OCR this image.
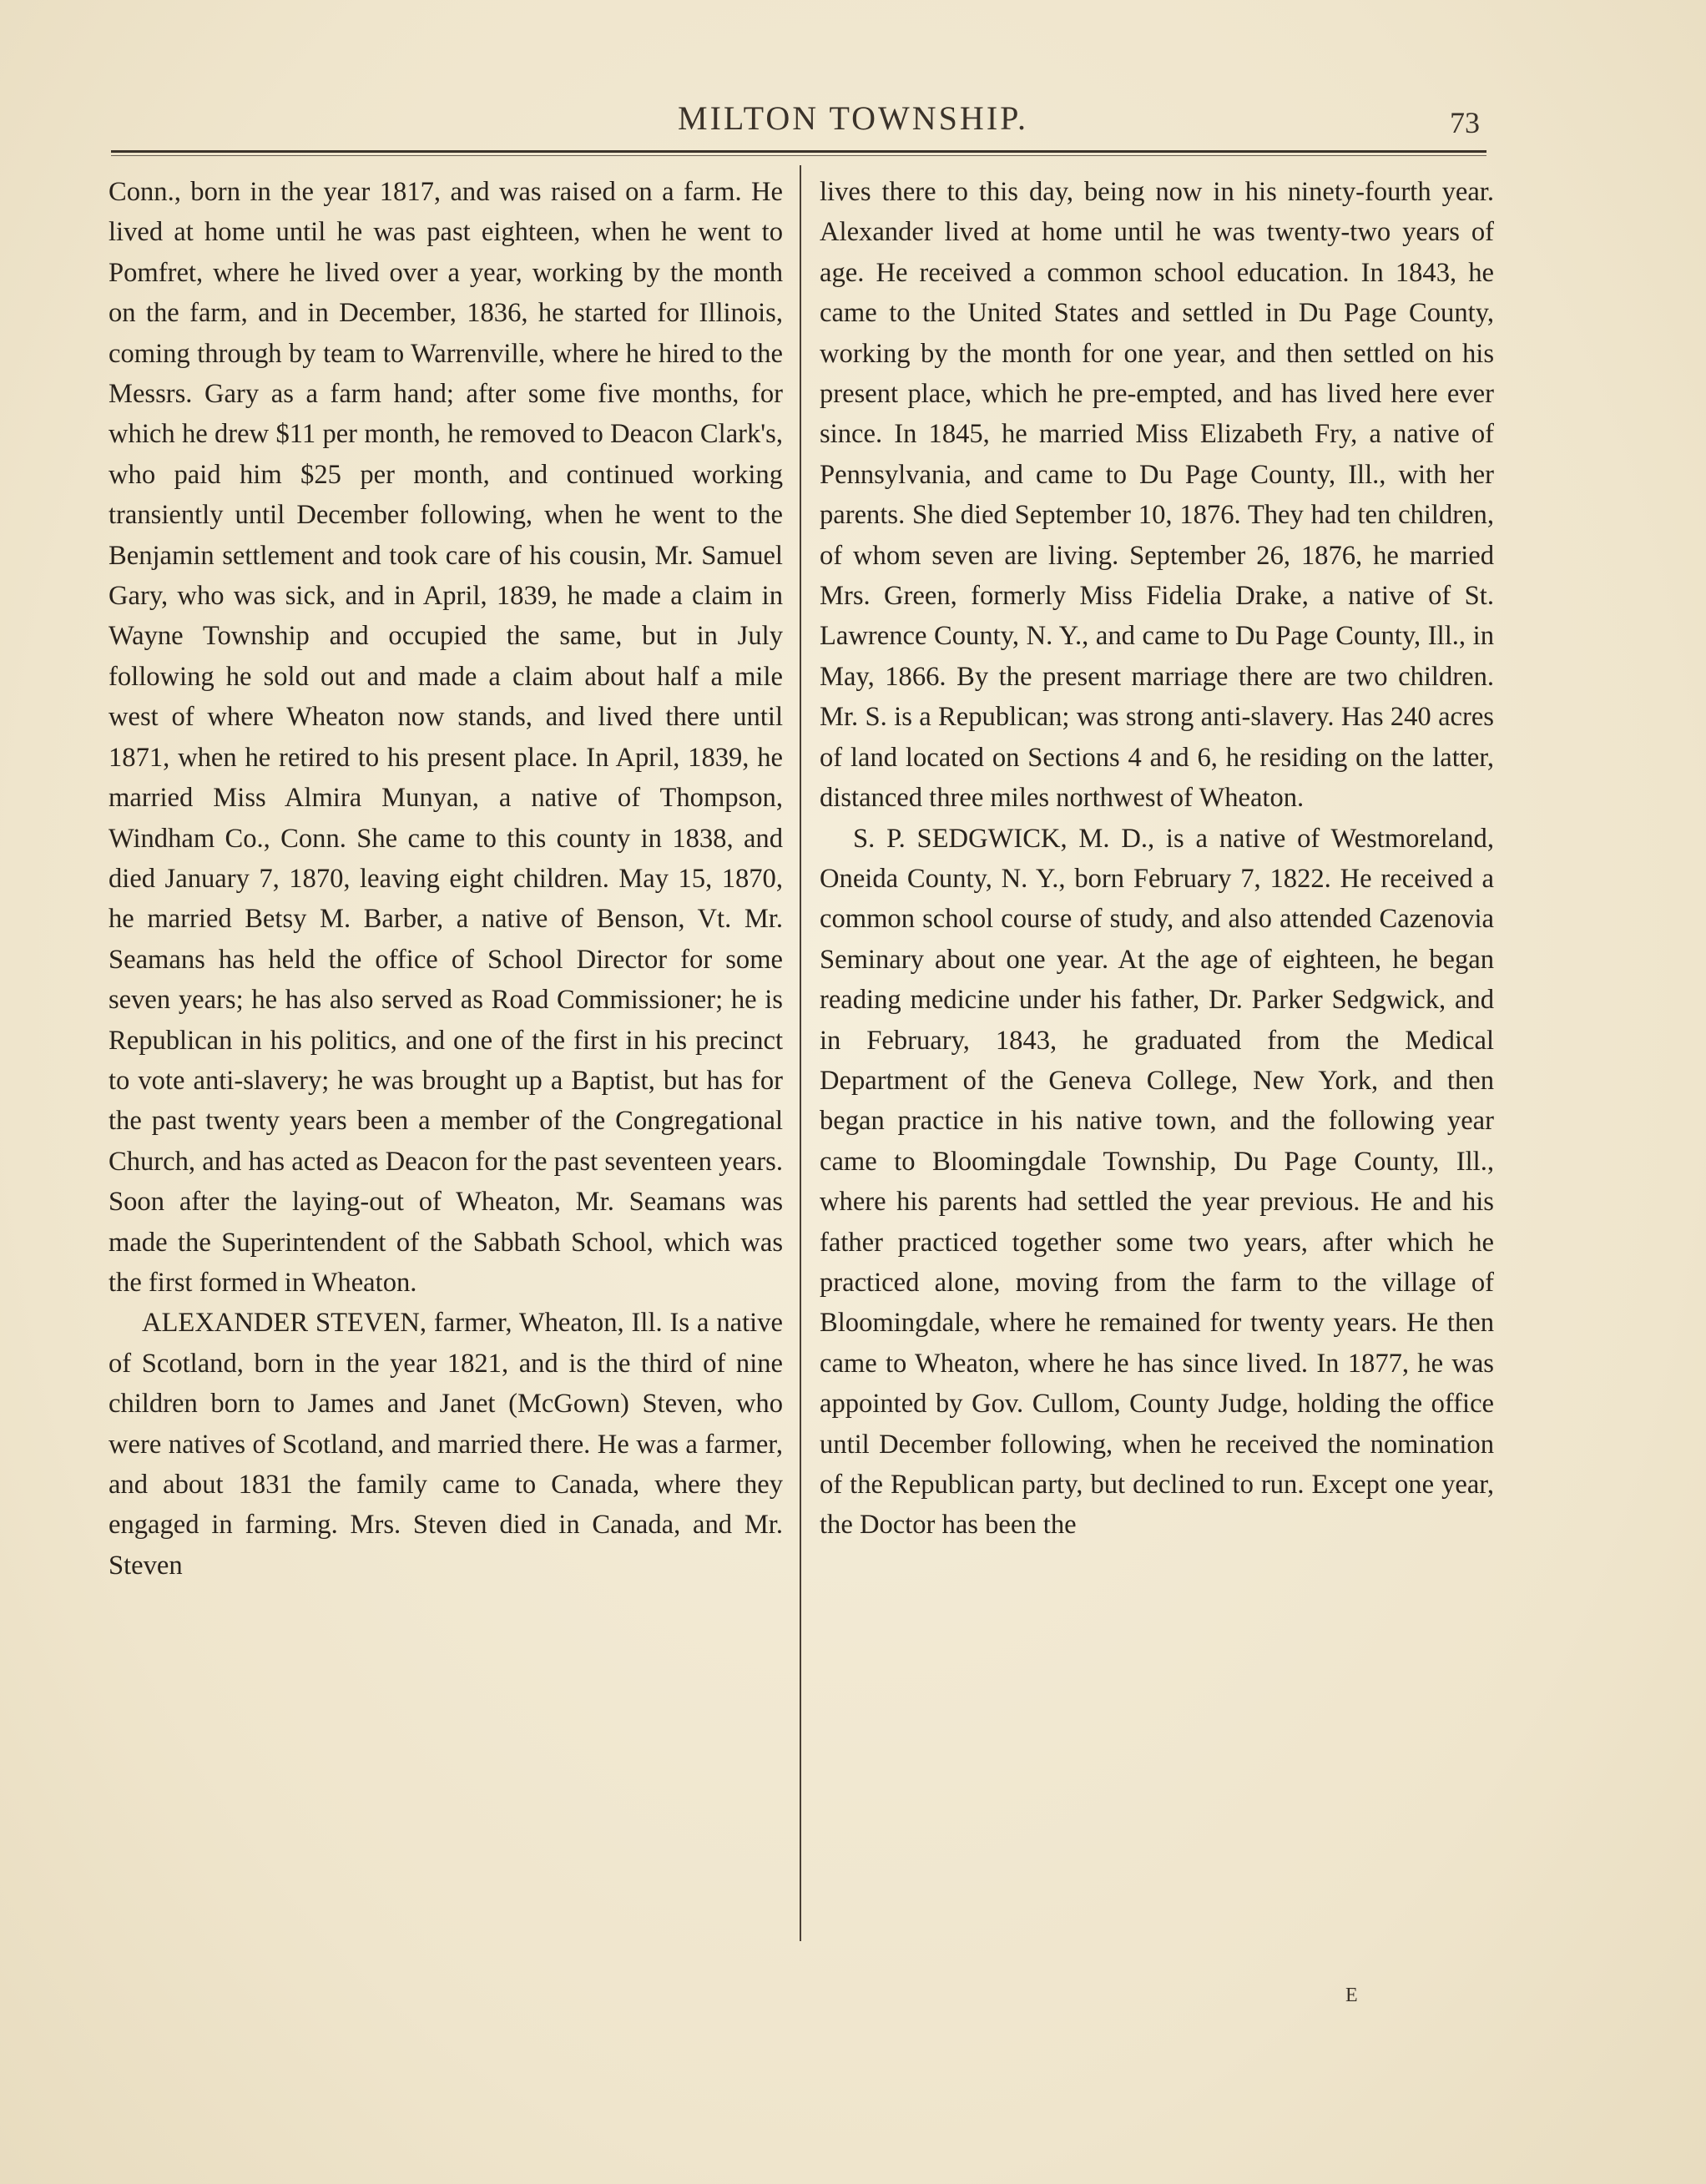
MILTON TOWNSHIP.	73

Conn., born in the year 1817, and was raised on a farm. He lived at home until he was past eighteen, when he went to Pomfret, where he lived over a year, working by the month on the farm, and in December, 1836, he started for Illinois, coming through by team to Warrenville, where he hired to the Messrs. Gary as a farm hand; after some five months, for which he drew $11 per month, he removed to Deacon Clark's, who paid him $25 per month, and continued working transiently until December following, when he went to the Benjamin settlement and took care of his cousin, Mr. Samuel Gary, who was sick, and in April, 1839, he made a claim in Wayne Township and occupied the same, but in July following he sold out and made a claim about half a mile west of where Wheaton now stands, and lived there until 1871, when he retired to his present place. In April, 1839, he married Miss Almira Munyan, a native of Thompson, Windham Co., Conn. She came to this county in 1838, and died January 7, 1870, leaving eight children. May 15, 1870, he married Betsy M. Barber, a native of Benson, Vt. Mr. Seamans has held the office of School Director for some seven years; he has also served as Road Commissioner; he is Republican in his politics, and one of the first in his precinct to vote anti-slavery; he was brought up a Baptist, but has for the past twenty years been a member of the Congregational Church, and has acted as Deacon for the past seventeen years. Soon after the laying-out of Wheaton, Mr. Seamans was made the Superintendent of the Sabbath School, which was the first formed in Wheaton.

ALEXANDER STEVEN, farmer, Wheaton, Ill. Is a native of Scotland, born in the year 1821, and is the third of nine children born to James and Janet (McGown) Steven, who were natives of Scotland, and married there. He was a farmer, and about 1831 the family came to Canada, where they engaged in farming. Mrs. Steven died in Canada, and Mr. Steven

lives there to this day, being now in his ninety-fourth year. Alexander lived at home until he was twenty-two years of age. He received a common school education. In 1843, he came to the United States and settled in Du Page County, working by the month for one year, and then settled on his present place, which he pre-empted, and has lived here ever since. In 1845, he married Miss Elizabeth Fry, a native of Pennsylvania, and came to Du Page County, Ill., with her parents. She died September 10, 1876. They had ten children, of whom seven are living. September 26, 1876, he married Mrs. Green, formerly Miss Fidelia Drake, a native of St. Lawrence County, N. Y., and came to Du Page County, Ill., in May, 1866. By the present marriage there are two children. Mr. S. is a Republican; was strong anti-slavery. Has 240 acres of land located on Sections 4 and 6, he residing on the latter, distanced three miles northwest of Wheaton.

S. P. SEDGWICK, M. D., is a native of Westmoreland, Oneida County, N. Y., born February 7, 1822. He received a common school course of study, and also attended Cazenovia Seminary about one year. At the age of eighteen, he began reading medicine under his father, Dr. Parker Sedgwick, and in February, 1843, he graduated from the Medical Department of the Geneva College, New York, and then began practice in his native town, and the following year came to Bloomingdale Township, Du Page County, Ill., where his parents had settled the year previous. He and his father practiced together some two years, after which he practiced alone, moving from the farm to the village of Bloomingdale, where he remained for twenty years. He then came to Wheaton, where he has since lived. In 1877, he was appointed by Gov. Cullom, County Judge, holding the office until December following, when he received the nomination of the Republican party, but declined to run. Except one year, the Doctor has been the

E
